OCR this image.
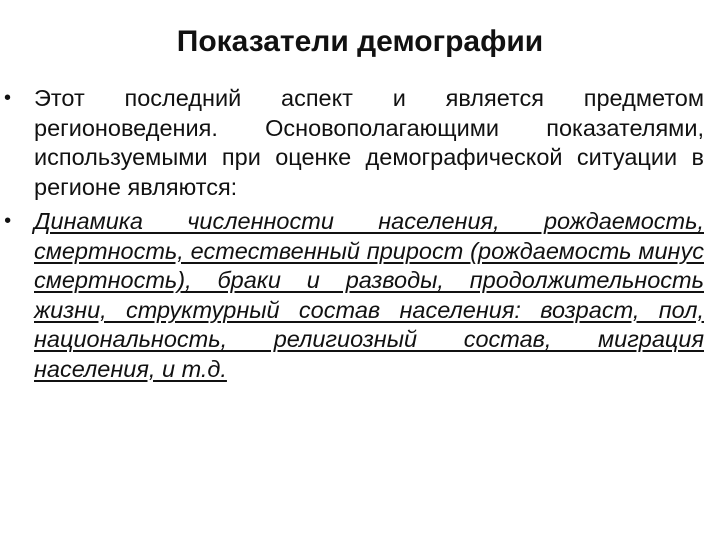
Показатели демографии
• Этот последний аспект и является предметом регионоведения. Основополагающими показателями, используемыми при оценке демографической ситуации в регионе являются:
• Динамика численности населения, рождаемость, смертность, естественный прирост (рождаемость минус смертность), браки и разводы, продолжительность жизни, структурный состав населения: возраст, пол, национальность, религиозный состав, миграция населения, и т.д.
